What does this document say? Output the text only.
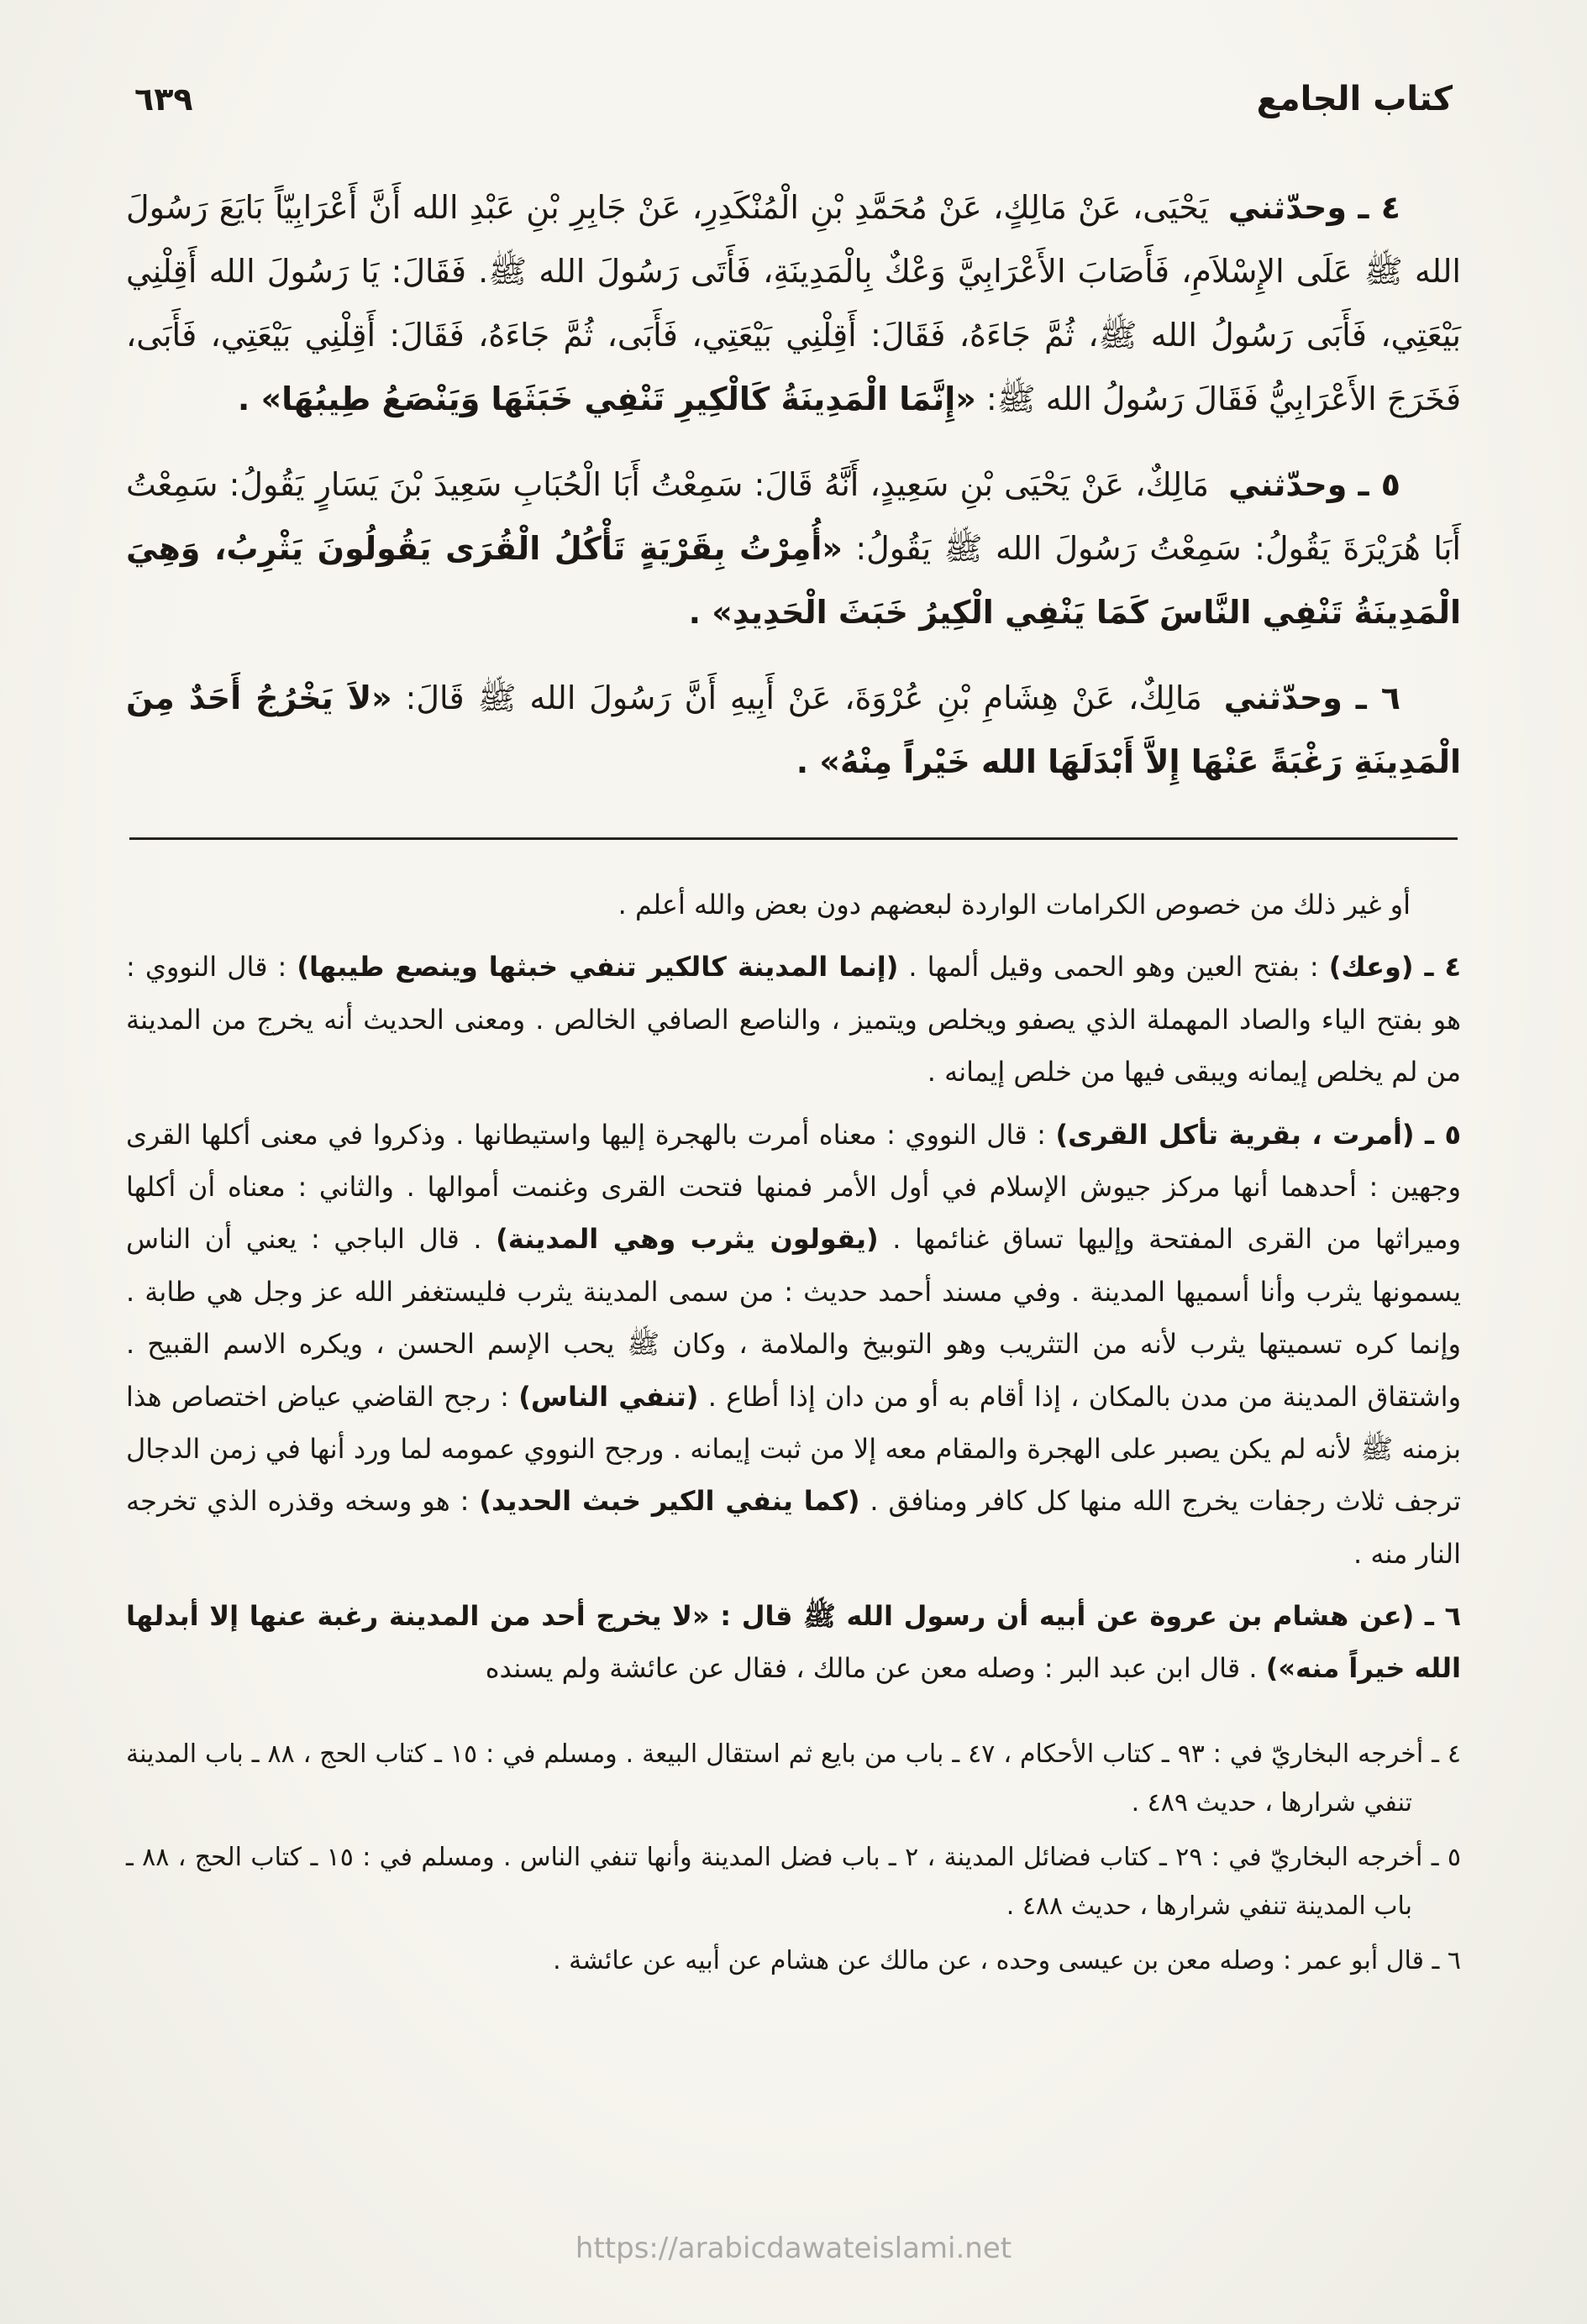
كتاب الجامع
٦٣٩

٤ ـ وحدّثني يَحْيَى، عَنْ مَالِكٍ، عَنْ مُحَمَّدِ بْنِ الْمُنْكَدِرِ، عَنْ جَابِرِ بْنِ عَبْدِ الله أَنَّ أَعْرَابِيّاً بَايَعَ رَسُولَ الله ﷺ عَلَى الإِسْلاَمِ، فَأَصَابَ الأَعْرَابِيَّ وَعْكٌ بِالْمَدِينَةِ، فَأَتَى رَسُولَ الله ﷺ. فَقَالَ: يَا رَسُولَ الله أَقِلْنِي بَيْعَتِي، فَأَبَى رَسُولُ الله ﷺ، ثُمَّ جَاءَهُ، فَقَالَ: أَقِلْنِي بَيْعَتِي، فَأَبَى، ثُمَّ جَاءَهُ، فَقَالَ: أَقِلْنِي بَيْعَتِي، فَأَبَى، فَخَرَجَ الأَعْرَابِيُّ فَقَالَ رَسُولُ الله ﷺ: «إِنَّمَا الْمَدِينَةُ كَالْكِيرِ تَنْفِي خَبَثَهَا وَيَنْصَعُ طِيبُهَا» .

٥ ـ وحدّثني مَالِكٌ، عَنْ يَحْيَى بْنِ سَعِيدٍ، أَنَّهُ قَالَ: سَمِعْتُ أَبَا الْحُبَابِ سَعِيدَ بْنَ يَسَارٍ يَقُولُ: سَمِعْتُ أَبَا هُرَيْرَةَ يَقُولُ: سَمِعْتُ رَسُولَ الله ﷺ يَقُولُ: «أُمِرْتُ بِقَرْيَةٍ تَأْكُلُ الْقُرَى يَقُولُونَ يَثْرِبُ، وَهِيَ الْمَدِينَةُ تَنْفِي النَّاسَ كَمَا يَنْفِي الْكِيرُ خَبَثَ الْحَدِيدِ» .

٦ ـ وحدّثني مَالِكٌ، عَنْ هِشَامِ بْنِ عُرْوَةَ، عَنْ أَبِيهِ أَنَّ رَسُولَ الله ﷺ قَالَ: «لاَ يَخْرُجُ أَحَدٌ مِنَ الْمَدِينَةِ رَغْبَةً عَنْهَا إِلاَّ أَبْدَلَهَا الله خَيْراً مِنْهُ» .

أو غير ذلك من خصوص الكرامات الواردة لبعضهم دون بعض والله أعلم .

٤ ـ (وعك) : بفتح العين وهو الحمى وقيل ألمها . (إنما المدينة كالكير تنفي خبثها وينصع طيبها) : قال النووي : هو بفتح الياء والصاد المهملة الذي يصفو ويخلص ويتميز ، والناصع الصافي الخالص . ومعنى الحديث أنه يخرج من المدينة من لم يخلص إيمانه ويبقى فيها من خلص إيمانه .

٥ ـ (أمرت ، بقرية تأكل القرى) : قال النووي : معناه أمرت بالهجرة إليها واستيطانها . وذكروا في معنى أكلها القرى وجهين : أحدهما أنها مركز جيوش الإسلام في أول الأمر فمنها فتحت القرى وغنمت أموالها . والثاني : معناه أن أكلها وميراثها من القرى المفتحة وإليها تساق غنائمها . (يقولون يثرب وهي المدينة) . قال الباجي : يعني أن الناس يسمونها يثرب وأنا أسميها المدينة . وفي مسند أحمد حديث : من سمى المدينة يثرب فليستغفر الله عز وجل هي طابة . وإنما كره تسميتها يثرب لأنه من التثريب وهو التوبيخ والملامة ، وكان ﷺ يحب الإسم الحسن ، ويكره الاسم القبيح . واشتقاق المدينة من مدن بالمكان ، إذا أقام به أو من دان إذا أطاع . (تنفي الناس) : رجح القاضي عياض اختصاص هذا بزمنه ﷺ لأنه لم يكن يصبر على الهجرة والمقام معه إلا من ثبت إيمانه . ورجح النووي عمومه لما ورد أنها في زمن الدجال ترجف ثلاث رجفات يخرج الله منها كل كافر ومنافق . (كما ينفي الكير خبث الحديد) : هو وسخه وقذره الذي تخرجه النار منه .

٦ ـ (عن هشام بن عروة عن أبيه أن رسول الله ﷺ قال : «لا يخرج أحد من المدينة رغبة عنها إلا أبدلها الله خيراً منه») . قال ابن عبد البر : وصله معن عن مالك ، فقال عن عائشة ولم يسنده

٤ ـ أخرجه البخاريّ في : ٩٣ ـ كتاب الأحكام ، ٤٧ ـ باب من بايع ثم استقال البيعة . ومسلم في : ١٥ ـ كتاب الحج ، ٨٨ ـ باب المدينة تنفي شرارها ، حديث ٤٨٩ .

٥ ـ أخرجه البخاريّ في : ٢٩ ـ كتاب فضائل المدينة ، ٢ ـ باب فضل المدينة وأنها تنفي الناس . ومسلم في : ١٥ ـ كتاب الحج ، ٨٨ ـ باب المدينة تنفي شرارها ، حديث ٤٨٨ .

٦ ـ قال أبو عمر : وصله معن بن عيسى وحده ، عن مالك عن هشام عن أبيه عن عائشة .

https://arabicdawateislami.net
